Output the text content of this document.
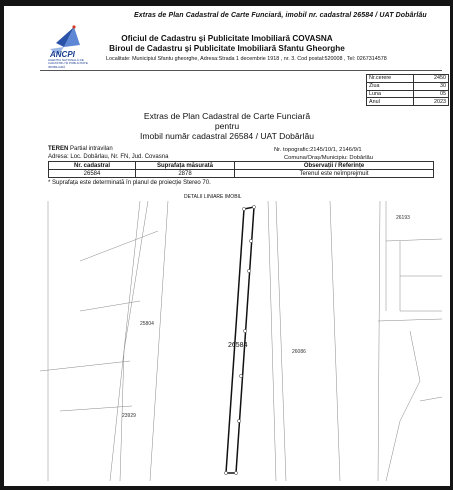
Extras de Plan Cadastral de Carte Funciară, imobil nr. cadastral 26584 / UAT Dobârlău
ANCPI
AGENȚIA NAȚIONALĂ DE CADASTRU ȘI PUBLICITATE IMOBILIARĂ
Oficiul de Cadastru și Publicitate Imobiliară COVASNA
Biroul de Cadastru și Publicitate Imobiliară Sfantu Gheorghe
Localitate: Municipiul Sfantu gheorghe, Adresa:Strada 1 decembrie 1918 , nr. 3. Cod postal:520008 , Tel: 0267314578
Nr.cerere	2450
Ziua	30
Luna	05
Anul	2023
Extras de Plan Cadastral de Carte Funciară
pentru
Imobil număr cadastral 26584 / UAT Dobârlău
TEREN Partial intravilan
Adresa: Loc. Dobârlau, Nr. FN, Jud. Covasna
Nr. topografic:2145/10/1, 2146/9/1
Comuna/Oraș/Municipiu: Dobârlău
Nr. cadastral	Suprafața măsurată	Observații / Referințe
26584	2878	Terenul este neîmprejmuit
* Suprafața este determinată în planul de proiecție Stereo 70.
DETALII LINIARE IMOBIL
26584
26193
25804
26086
23929
